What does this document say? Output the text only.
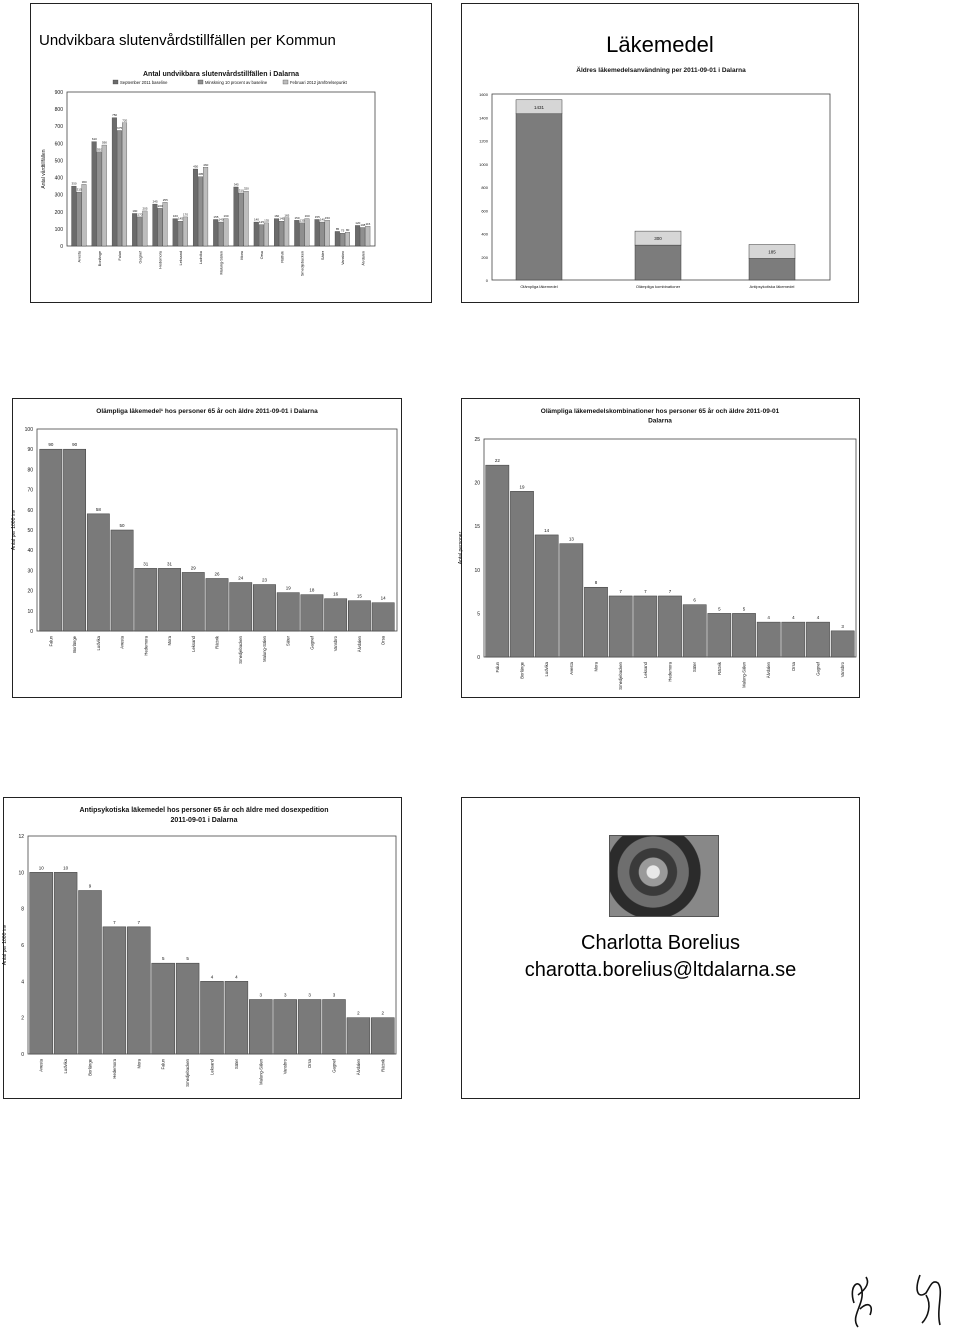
Undvikbara slutenvårdstillfällen per Kommun
Antal undvikbara slutenvårdstillfällen i Dalarna
0
100
200
300
400
500
600
700
800
900
Antal vårdtillfällen	350
315
360
Avesta
610
550
590
Borlänge
750
675
720
Falun
190
170
205
Gagnef
245
220
255
Hedemora
160
145
170
Leksand
450
405
460
Ludvika
155
140
160
Malung-Sälen
345
310 320
Mora
140
125 135
Orsa
160
145
165
Rättvik
150
135
160
Smedjebacken
155
140 150
Säter
85 75 80
Vansbro
120
108 115
Älvdalen
September 2011 baseline	Minskning 10 procent av baseline	Februari 2012 jämförelsepunkt
Läkemedel
Äldres läkemedelsanvändning per 2011-09-01 i Dalarna
0
200
400
600
800
1000
1200
1400
1600
1431
Olämpliga läkemedel
300
Olämpliga kombinationer
185
Antipsykotiska läkemedel
Olämpliga läkemedel¹ hos personer 65 år och äldre 2011-09-01 i Dalarna
0
10
20
30
40
50
60
70
80
90
100
Antal per 1000 inv
90
Falun
90
Borlänge
58
Ludvika
50
Avesta
31
Hedemora
31
Mora
29
Leksand
26
Rättvik
24
Smedjebacken
23
Malung-Sälen
19
Säter
18
Gagnef
16
Vansbro
15
Älvdalen
14
Orsa
Olämpliga läkemedelskombinationer hos personer 65 år och äldre 2011-09-01
Dalarna
0
5
10
15
20
25
Antal personer
22
Falun
19
Borlänge
14
Ludvika
13
Avesta
8
Mora
7
Smedjebacken
7
Leksand
7
Hedemora
6
Säter
5
Rättvik
5
Malung-Sälen
4
Älvdalen
4
Orsa
4
Gagnef
3
Vansbro
Antipsykotiska läkemedel hos personer 65 år och äldre med dosexpedition
2011-09-01 i Dalarna
0
2
4
6
8
10
12
Antal per 1000 inv
10
Avesta
10
Ludvika
9
Borlänge
7
Hedemora
7
Mora
5
Falun
5
Smedjebacken
4
Leksand
4
Säter
3
Malung-Sälen
3
Vansbro
3
Orsa
3
Gagnef
2
Älvdalen
2
Rättvik
Charlotta Borelius
charotta.borelius@ltdalarna.se
